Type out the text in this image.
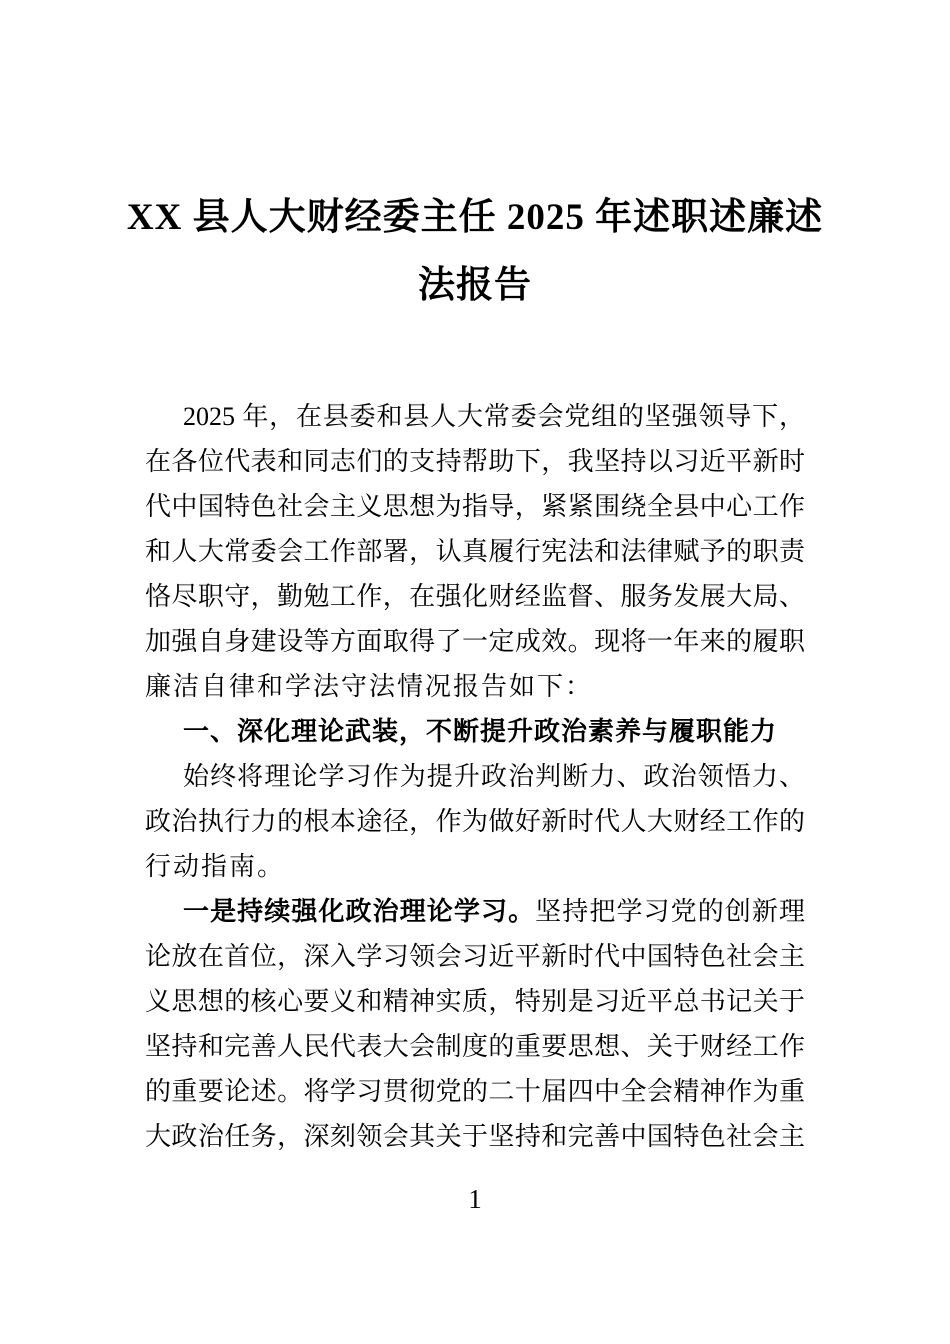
XX 县人大财经委主任 2025 年述职述廉述
法报告
2025 年，在县委和县人大常委会党组的坚强领导下，
在各位代表和同志们的支持帮助下，我坚持以习近平新时
代中国特色社会主义思想为指导，紧紧围绕全县中心工作
和人大常委会工作部署，认真履行宪法和法律赋予的职责
恪尽职守，勤勉工作，在强化财经监督、服务发展大局、
加强自身建设等方面取得了一定成效。现将一年来的履职
廉洁自律和学法守法情况报告如下：
一、深化理论武装，不断提升政治素养与履职能力
始终将理论学习作为提升政治判断力、政治领悟力、
政治执行力的根本途径，作为做好新时代人大财经工作的
行动指南。
一是持续强化政治理论学习。坚持把学习党的创新理
论放在首位，深入学习领会习近平新时代中国特色社会主
义思想的核心要义和精神实质，特别是习近平总书记关于
坚持和完善人民代表大会制度的重要思想、关于财经工作
的重要论述。将学习贯彻党的二十届四中全会精神作为重
大政治任务，深刻领会其关于坚持和完善中国特色社会主
1
